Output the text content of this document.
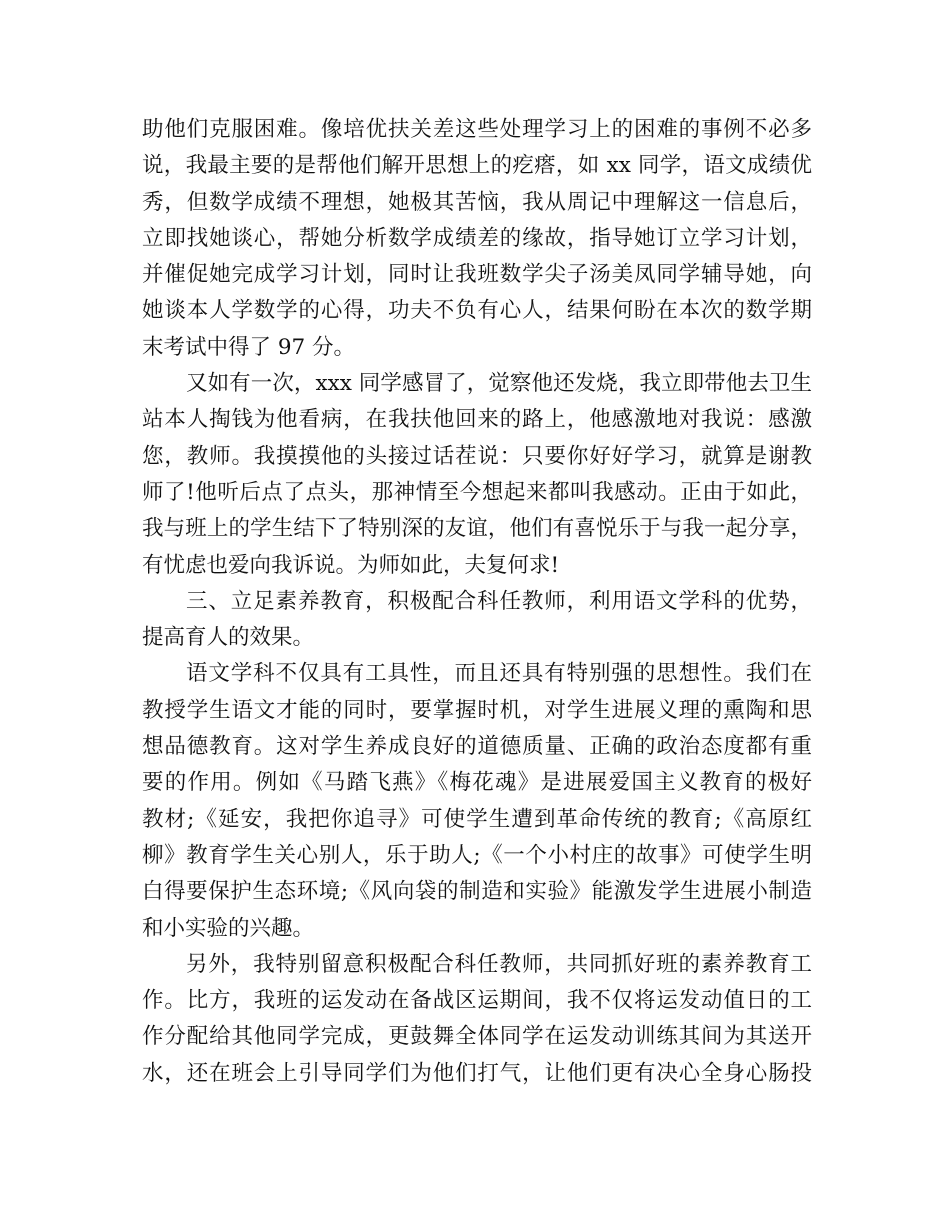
助他们克服困难。像培优扶关差这些处理学习上的困难的事例不必多
说，我最主要的是帮他们解开思想上的疙瘩，如 xx 同学，语文成绩优
秀，但数学成绩不理想，她极其苦恼，我从周记中理解这一信息后，
立即找她谈心，帮她分析数学成绩差的缘故，指导她订立学习计划，
并催促她完成学习计划，同时让我班数学尖子汤美凤同学辅导她，向
她谈本人学数学的心得，功夫不负有心人，结果何盼在本次的数学期
末考试中得了 97 分。
又如有一次，xxx 同学感冒了，觉察他还发烧，我立即带他去卫生
站本人掏钱为他看病，在我扶他回来的路上，他感激地对我说：感激
您，教师。我摸摸他的头接过话茬说：只要你好好学习，就算是谢教
师了!他听后点了点头，那神情至今想起来都叫我感动。正由于如此，
我与班上的学生结下了特别深的友谊，他们有喜悦乐于与我一起分享，
有忧虑也爱向我诉说。为师如此，夫复何求!
三、立足素养教育，积极配合科任教师，利用语文学科的优势，
提高育人的效果。
语文学科不仅具有工具性，而且还具有特别强的思想性。我们在
教授学生语文才能的同时，要掌握时机，对学生进展义理的熏陶和思
想品德教育。这对学生养成良好的道德质量、正确的政治态度都有重
要的作用。例如《马踏飞燕》《梅花魂》是进展爱国主义教育的极好
教材;《延安，我把你追寻》可使学生遭到革命传统的教育;《高原红
柳》教育学生关心别人，乐于助人;《一个小村庄的故事》可使学生明
白得要保护生态环境;《风向袋的制造和实验》能激发学生进展小制造
和小实验的兴趣。
另外，我特别留意积极配合科任教师，共同抓好班的素养教育工
作。比方，我班的运发动在备战区运期间，我不仅将运发动值日的工
作分配给其他同学完成，更鼓舞全体同学在运发动训练其间为其送开
水，还在班会上引导同学们为他们打气，让他们更有决心全身心肠投
